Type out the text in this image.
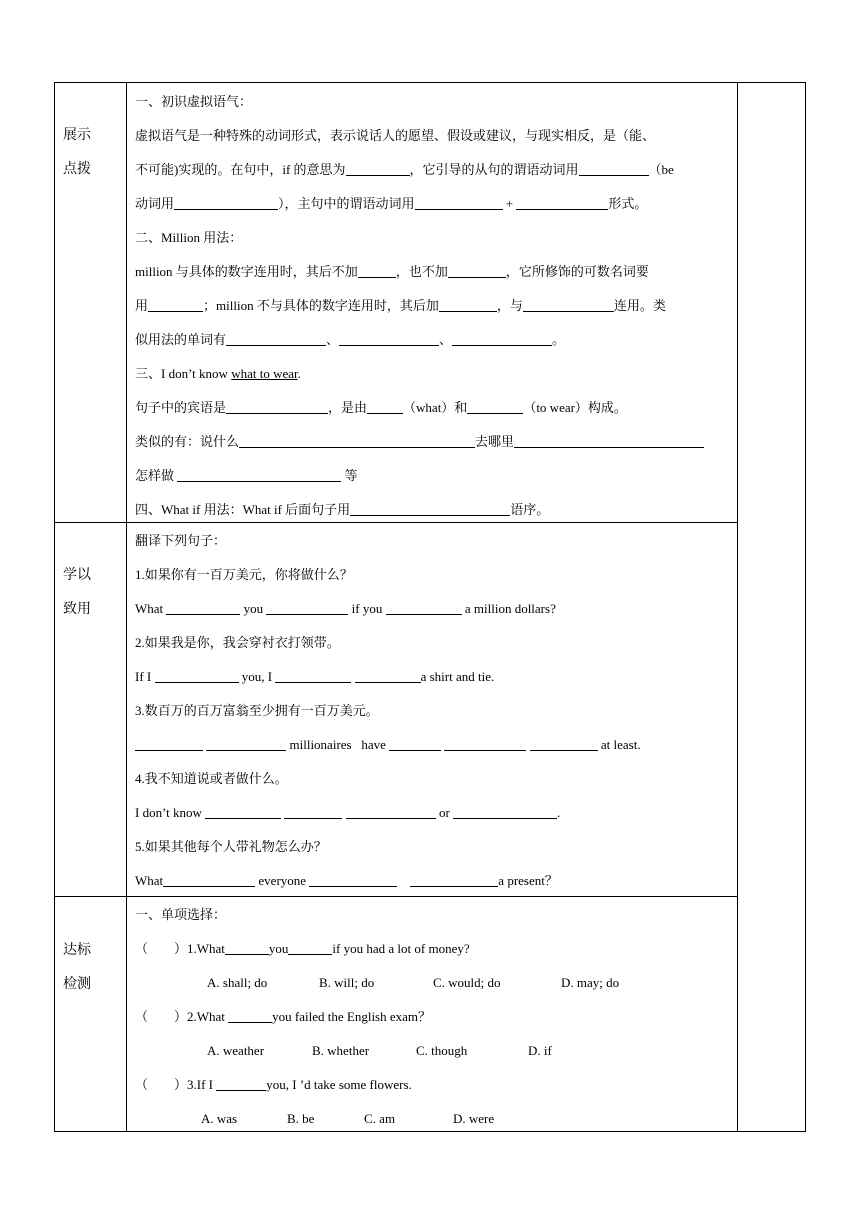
展示
点拨
一、初识虚拟语气：
虚拟语气是一种特殊的动词形式，表示说话人的愿望、假设或建议，与现实相反，是（能、
不可能)实现的。在句中，if 的意思为	，它引导的从句的谓语动词用	（be
动词用	），主句中的谓语动词用	+	形式。
二、Million 用法：
million 与具体的数字连用时，其后不加	，也不加	，它所修饰的可数名词要
用	；million 不与具体的数字连用时，其后加	，与	连用。类
似用法的单词有	、	、	。
三、I don’t know what to wear.
句子中的宾语是	，是由	（what）和	（to wear）构成。
类似的有：说什么	去哪里
怎样做	等
四、What if 用法：What if 后面句子用	语序。
学以
致用
翻译下列句子：
1.如果你有一百万美元，你将做什么？
What	you	if you	a million dollars?
2.如果我是你，我会穿衬衣打领带。
If I	you, I	a shirt and tie.
3.数百万的百万富翁至少拥有一百万美元。
millionaires   have	at least.
4.我不知道说或者做什么。
I don’t know	or	.
5.如果其他每个人带礼物怎么办？
What	everyone	a present？
达标
检测
一、单项选择：
（　　）1.What	you	if you had a lot of money?
A. shall; do	B. will; do	C. would; do	D. may; do
（　　）2.What	you failed the English exam？
A. weather	B. whether	C. though	D. if
（　　）3.If I	you, I ’d take some flowers.
A. was	B. be	C. am	D. were
